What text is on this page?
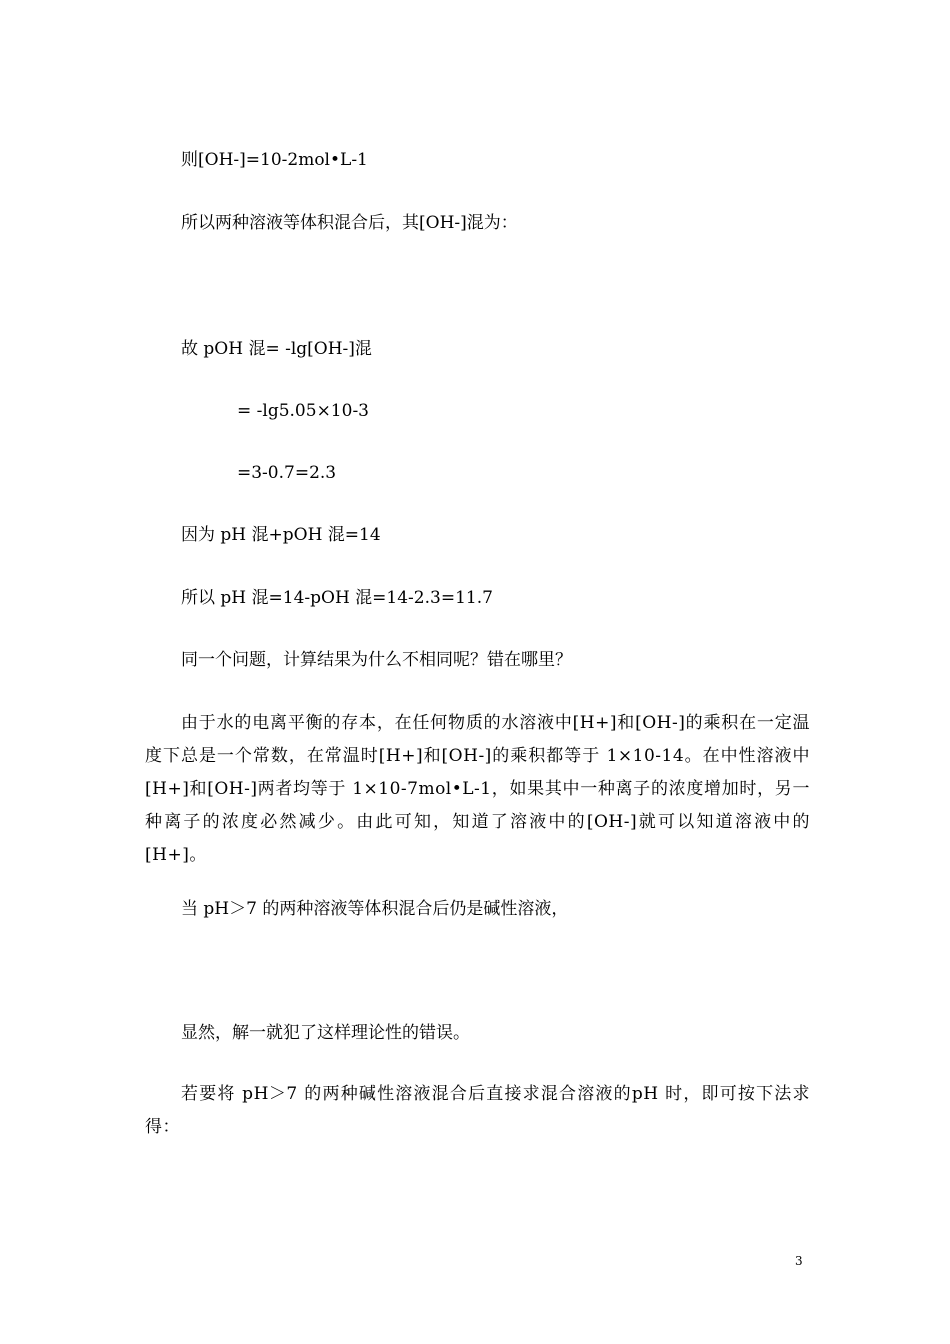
则[OH-]=10-2mol•L-1

所以两种溶液等体积混合后，其[OH-]混为：

故 pOH 混= -lg[OH-]混

= -lg5.05×10-3

=3-0.7=2.3

因为 pH 混+pOH 混=14

所以 pH 混=14-pOH 混=14-2.3=11.7

同一个问题，计算结果为什么不相同呢？错在哪里？

由于水的电离平衡的存本，在任何物质的水溶液中[H+]和[OH-]的乘积在一定温度下总是一个常数，在常温时[H+]和[OH-]的乘积都等于 1×10-14。在中性溶液中[H+]和[OH-]两者均等于 1×10-7mol•L-1，如果其中一种离子的浓度增加时，另一种离子的浓度必然减少。由此可知，知道了溶液中的[OH-]就可以知道溶液中的[H+]。

当 pH＞7 的两种溶液等体积混合后仍是碱性溶液，

显然，解一就犯了这样理论性的错误。

若要将 pH＞7 的两种碱性溶液混合后直接求混合溶液的pH 时，即可按下法求得：

3
